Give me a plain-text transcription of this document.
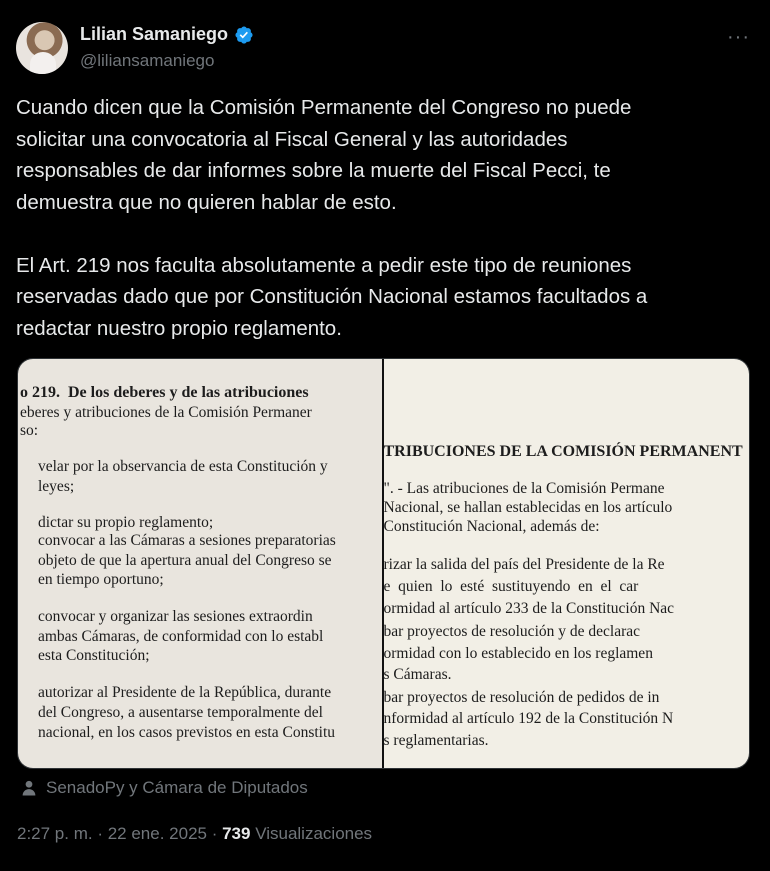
Lilian Samaniego
@liliansamaniego
···
Cuando dicen que la Comisión Permanente del Congreso no puede
solicitar una convocatoria al Fiscal General y las autoridades
responsables de dar informes sobre la muerte del Fiscal Pecci, te
demuestra que no quieren hablar de esto.

El Art. 219 nos faculta absolutamente a pedir este tipo de reuniones
reservadas dado que por Constitución Nacional estamos facultados a
redactar nuestro propio reglamento.

o 219.  De los deberes y de las atribuciones

eberes y atribuciones de la Comisión Permaner

so:

velar por la observancia de esta Constitución y

leyes;

dictar su propio reglamento;

convocar a las Cámaras a sesiones preparatorias

objeto de que la apertura anual del Congreso se

en tiempo oportuno;

convocar y organizar las sesiones extraordin

ambas Cámaras, de conformidad con lo establ

esta Constitución;

autorizar al Presidente de la República, durante

del Congreso, a ausentarse temporalmente del

nacional, en los casos previstos en esta Constitu

TRIBUCIONES DE LA COMISIÓN PERMANENT

". - Las atribuciones de la Comisión Permane

Nacional, se hallan establecidas en los artículo

Constitución Nacional, además de:

rizar la salida del país del Presidente de la Re

e  quien  lo  esté  sustituyendo  en  el  car

ormidad al artículo 233 de la Constitución Nac

bar proyectos de resolución y de declarac

ormidad con lo establecido en los reglamen

s Cámaras.

bar proyectos de resolución de pedidos de in

nformidad al artículo 192 de la Constitución N

s reglamentarias.

SenadoPy y Cámara de Diputados
2:27 p. m. · 22 ene. 2025 · 739 Visualizaciones
